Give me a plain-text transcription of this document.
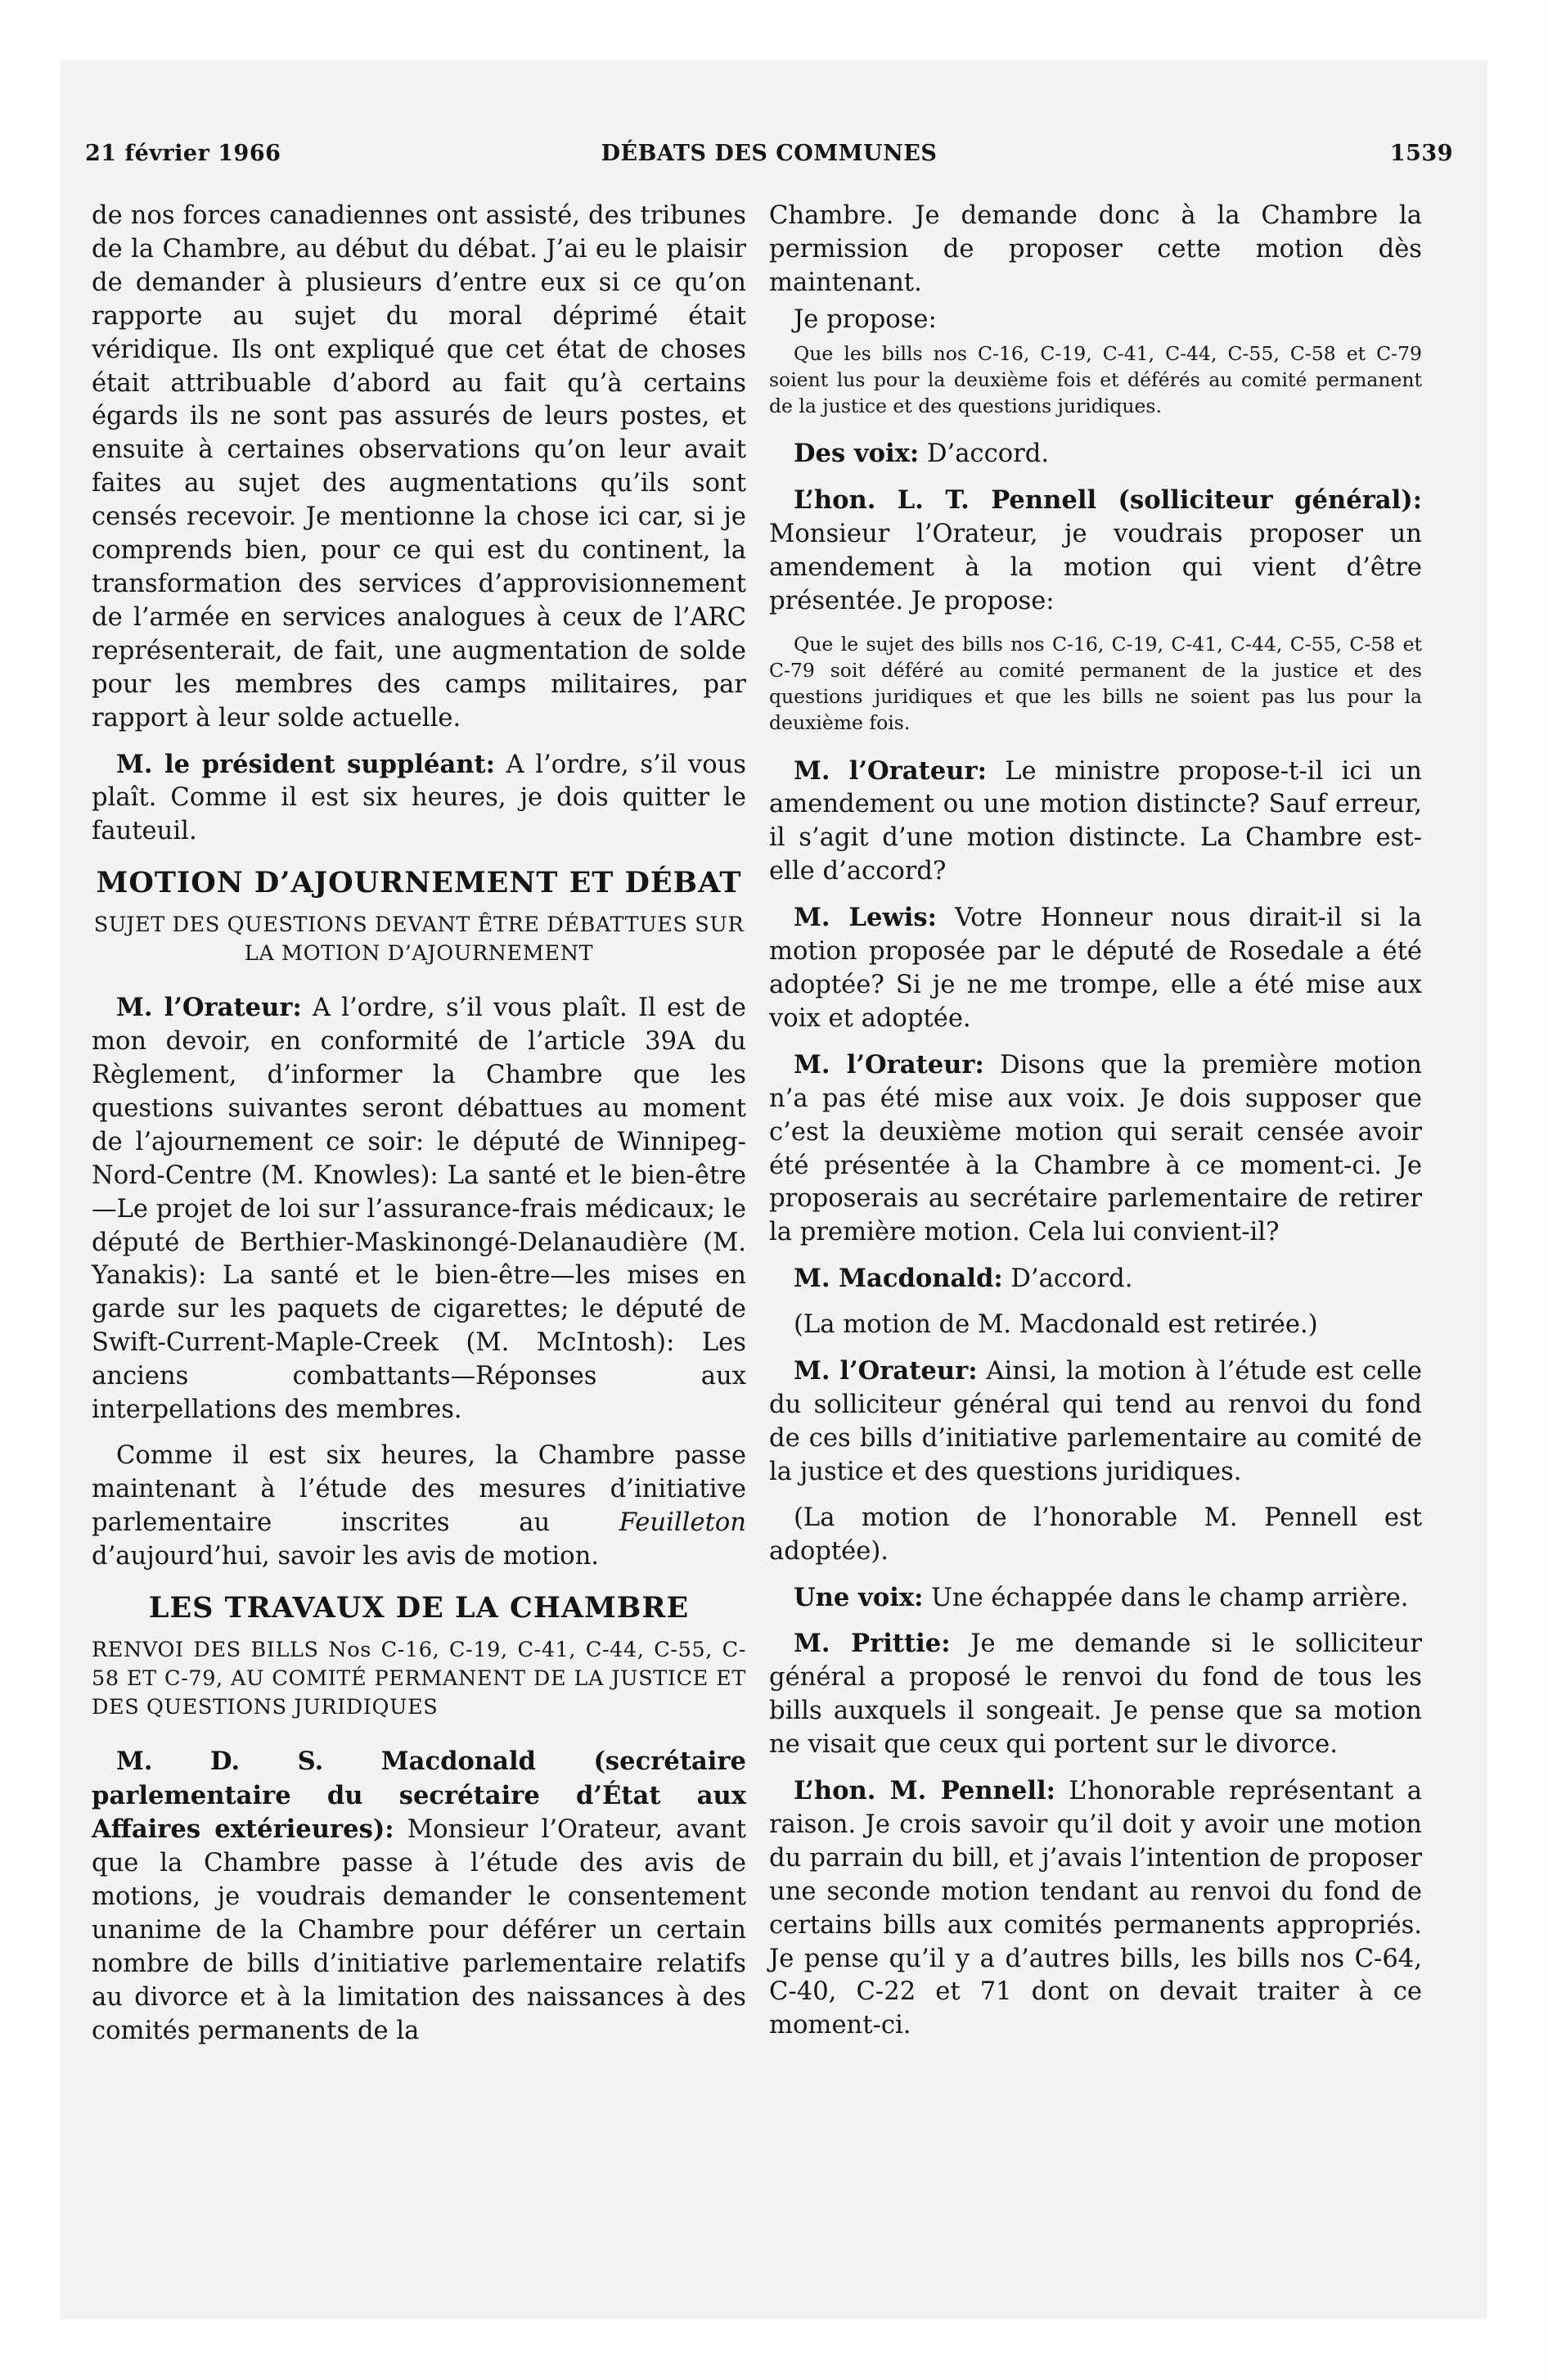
21 février 1966	DÉBATS DES COMMUNES	1539

de nos forces canadiennes ont assisté, des tribunes de la Chambre, au début du débat. J’ai eu le plaisir de demander à plusieurs d’entre eux si ce qu’on rapporte au sujet du moral déprimé était véridique. Ils ont expliqué que cet état de choses était attribuable d’abord au fait qu’à certains égards ils ne sont pas assurés de leurs postes, et ensuite à certaines observations qu’on leur avait faites au sujet des augmentations qu’ils sont censés recevoir. Je mentionne la chose ici car, si je comprends bien, pour ce qui est du continent, la transformation des services d’approvisionnement de l’armée en services analogues à ceux de l’ARC représenterait, de fait, une augmentation de solde pour les membres des camps militaires, par rapport à leur solde actuelle.

M. le président suppléant: A l’ordre, s’il vous plaît. Comme il est six heures, je dois quitter le fauteuil.

MOTION D’AJOURNEMENT ET DÉBAT
SUJET DES QUESTIONS DEVANT ÊTRE DÉBATTUES SUR LA MOTION D’AJOURNEMENT

M. l’Orateur: A l’ordre, s’il vous plaît. Il est de mon devoir, en conformité de l’article 39A du Règlement, d’informer la Chambre que les questions suivantes seront débattues au moment de l’ajournement ce soir: le député de Winnipeg-Nord-Centre (M. Knowles): La santé et le bien-être—Le projet de loi sur l’assurance-frais médicaux; le député de Berthier-Maskinongé-Delanaudière (M. Yanakis): La santé et le bien-être—les mises en garde sur les paquets de cigarettes; le député de Swift-Current-Maple-Creek (M. McIntosh): Les anciens combattants—Réponses aux interpellations des membres.

Comme il est six heures, la Chambre passe maintenant à l’étude des mesures d’initiative parlementaire inscrites au Feuilleton d’aujourd’hui, savoir les avis de motion.

LES TRAVAUX DE LA CHAMBRE
RENVOI DES BILLS Nos C-16, C-19, C-41, C-44, C-55, C-58 ET C-79, AU COMITÉ PERMANENT DE LA JUSTICE ET DES QUESTIONS JURIDIQUES

M. D. S. Macdonald (secrétaire parlementaire du secrétaire d’État aux Affaires extérieures): Monsieur l’Orateur, avant que la Chambre passe à l’étude des avis de motions, je voudrais demander le consentement unanime de la Chambre pour déférer un certain nombre de bills d’initiative parlementaire relatifs au divorce et à la limitation des naissances à des comités permanents de la

Chambre. Je demande donc à la Chambre la permission de proposer cette motion dès maintenant.

Je propose:

Que les bills nos C-16, C-19, C-41, C-44, C-55, C-58 et C-79 soient lus pour la deuxième fois et déférés au comité permanent de la justice et des questions juridiques.

Des voix: D’accord.

L’hon. L. T. Pennell (solliciteur général): Monsieur l’Orateur, je voudrais proposer un amendement à la motion qui vient d’être présentée. Je propose:

Que le sujet des bills nos C-16, C-19, C-41, C-44, C-55, C-58 et C-79 soit déféré au comité permanent de la justice et des questions juridiques et que les bills ne soient pas lus pour la deuxième fois.

M. l’Orateur: Le ministre propose-t-il ici un amendement ou une motion distincte? Sauf erreur, il s’agit d’une motion distincte. La Chambre est-elle d’accord?

M. Lewis: Votre Honneur nous dirait-il si la motion proposée par le député de Rosedale a été adoptée? Si je ne me trompe, elle a été mise aux voix et adoptée.

M. l’Orateur: Disons que la première motion n’a pas été mise aux voix. Je dois supposer que c’est la deuxième motion qui serait censée avoir été présentée à la Chambre à ce moment-ci. Je proposerais au secrétaire parlementaire de retirer la première motion. Cela lui convient-il?

M. Macdonald: D’accord.

(La motion de M. Macdonald est retirée.)

M. l’Orateur: Ainsi, la motion à l’étude est celle du solliciteur général qui tend au renvoi du fond de ces bills d’initiative parlementaire au comité de la justice et des questions juridiques.

(La motion de l’honorable M. Pennell est adoptée).

Une voix: Une échappée dans le champ arrière.

M. Prittie: Je me demande si le solliciteur général a proposé le renvoi du fond de tous les bills auxquels il songeait. Je pense que sa motion ne visait que ceux qui portent sur le divorce.

L’hon. M. Pennell: L’honorable représentant a raison. Je crois savoir qu’il doit y avoir une motion du parrain du bill, et j’avais l’intention de proposer une seconde motion tendant au renvoi du fond de certains bills aux comités permanents appropriés. Je pense qu’il y a d’autres bills, les bills nos C-64, C-40, C-22 et 71 dont on devait traiter à ce moment-ci.
